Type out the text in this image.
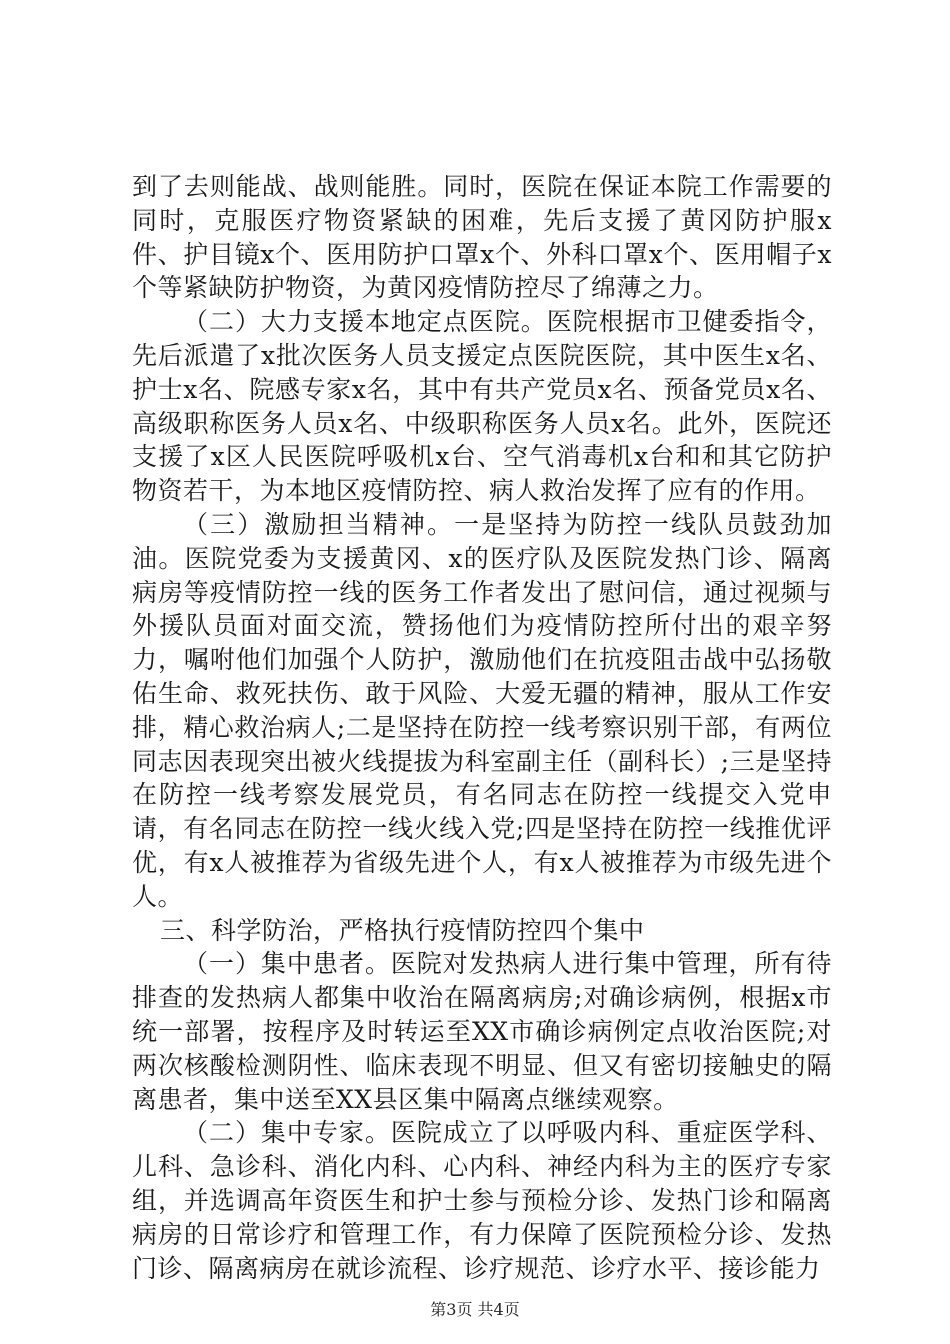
到了去则能战、战则能胜。同时，医院在保证本院工作需要的同时，克服医疗物资紧缺的困难，先后支援了黄冈防护服x件、护目镜x个、医用防护口罩x个、外科口罩x个、医用帽子x个等紧缺防护物资，为黄冈疫情防控尽了绵薄之力。

（二）大力支援本地定点医院。医院根据市卫健委指令，先后派遣了x批次医务人员支援定点医院医院，其中医生x名、护士x名、院感专家x名，其中有共产党员x名、预备党员x名、高级职称医务人员x名、中级职称医务人员x名。此外，医院还支援了x区人民医院呼吸机x台、空气消毒机x台和和其它防护物资若干，为本地区疫情防控、病人救治发挥了应有的作用。

（三）激励担当精神。一是坚持为防控一线队员鼓劲加油。医院党委为支援黄冈、x的医疗队及医院发热门诊、隔离病房等疫情防控一线的医务工作者发出了慰问信，通过视频与外援队员面对面交流，赞扬他们为疫情防控所付出的艰辛努力，嘱咐他们加强个人防护，激励他们在抗疫阻击战中弘扬敬佑生命、救死扶伤、敢于风险、大爱无疆的精神，服从工作安排，精心救治病人;二是坚持在防控一线考察识别干部，有两位同志因表现突出被火线提拔为科室副主任（副科长）;三是坚持在防控一线考察发展党员，有名同志在防控一线提交入党申请，有名同志在防控一线火线入党;四是坚持在防控一线推优评优，有x人被推荐为省级先进个人，有x人被推荐为市级先进个人。

三、科学防治，严格执行疫情防控四个集中

（一）集中患者。医院对发热病人进行集中管理，所有待排查的发热病人都集中收治在隔离病房;对确诊病例，根据x市统一部署，按程序及时转运至XX市确诊病例定点收治医院;对两次核酸检测阴性、临床表现不明显、但又有密切接触史的隔离患者，集中送至XX县区集中隔离点继续观察。

（二）集中专家。医院成立了以呼吸内科、重症医学科、儿科、急诊科、消化内科、心内科、神经内科为主的医疗专家组，并选调高年资医生和护士参与预检分诊、发热门诊和隔离病房的日常诊疗和管理工作，有力保障了医院预检分诊、发热门诊、隔离病房在就诊流程、诊疗规范、诊疗水平、接诊能力

第3页 共4页
